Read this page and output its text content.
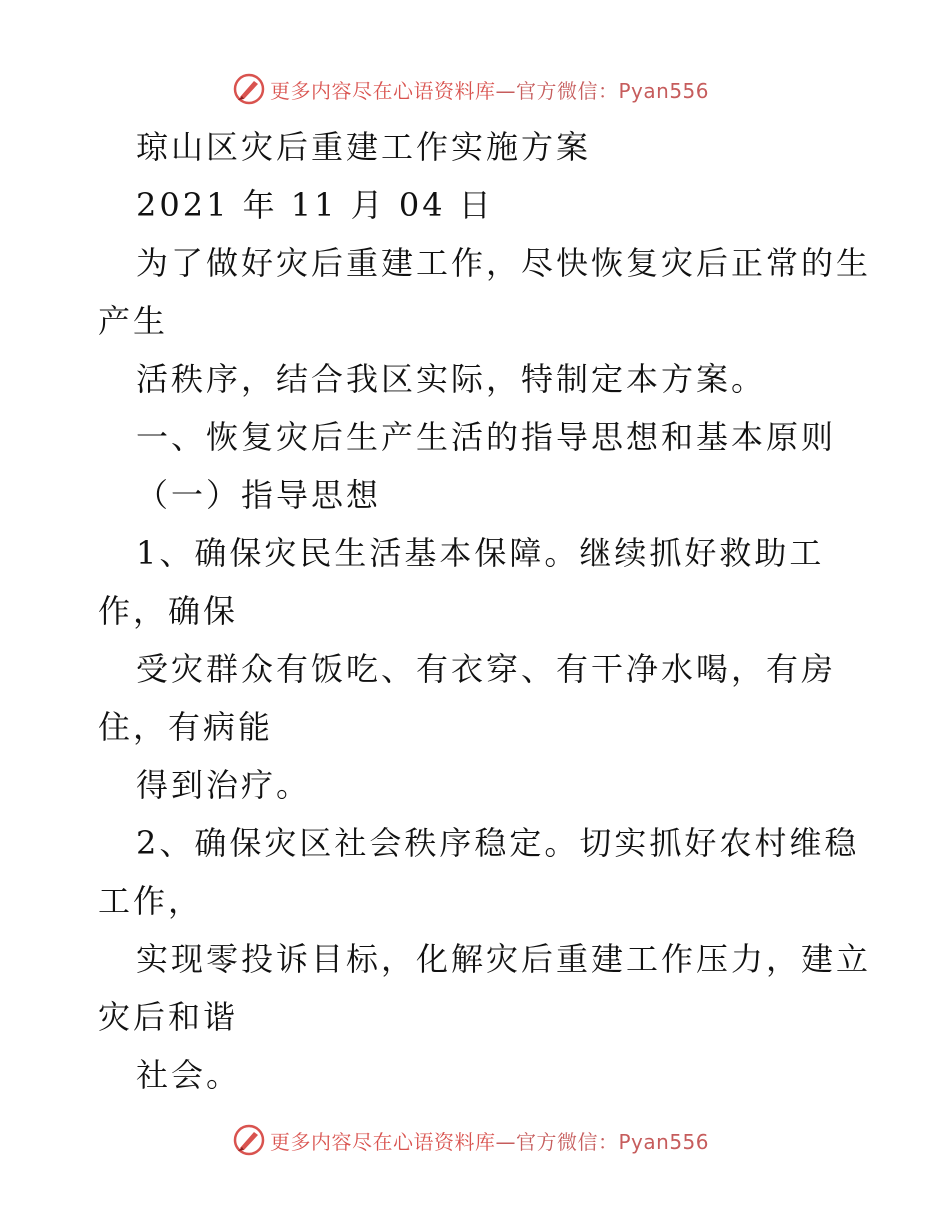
更多内容尽在心语资料库 —官方微信：Pyan556
琼山区灾后重建工作实施方案
2021 年 11 月 04 日
为了做好灾后重建工作，尽快恢复灾后正常的生
产生
活秩序，结合我区实际，特制定本方案。
一、恢复灾后生产生活的指导思想和基本原则
（一）指导思想
1、确保灾民生活基本保障。继续抓好救助工
作，确保
受灾群众有饭吃、有衣穿、有干净水喝，有房
住，有病能
得到治疗。
2、确保灾区社会秩序稳定。切实抓好农村维稳
工作，
实现零投诉目标，化解灾后重建工作压力，建立
灾后和谐
社会。
更多内容尽在心语资料库 —官方微信：Pyan556
